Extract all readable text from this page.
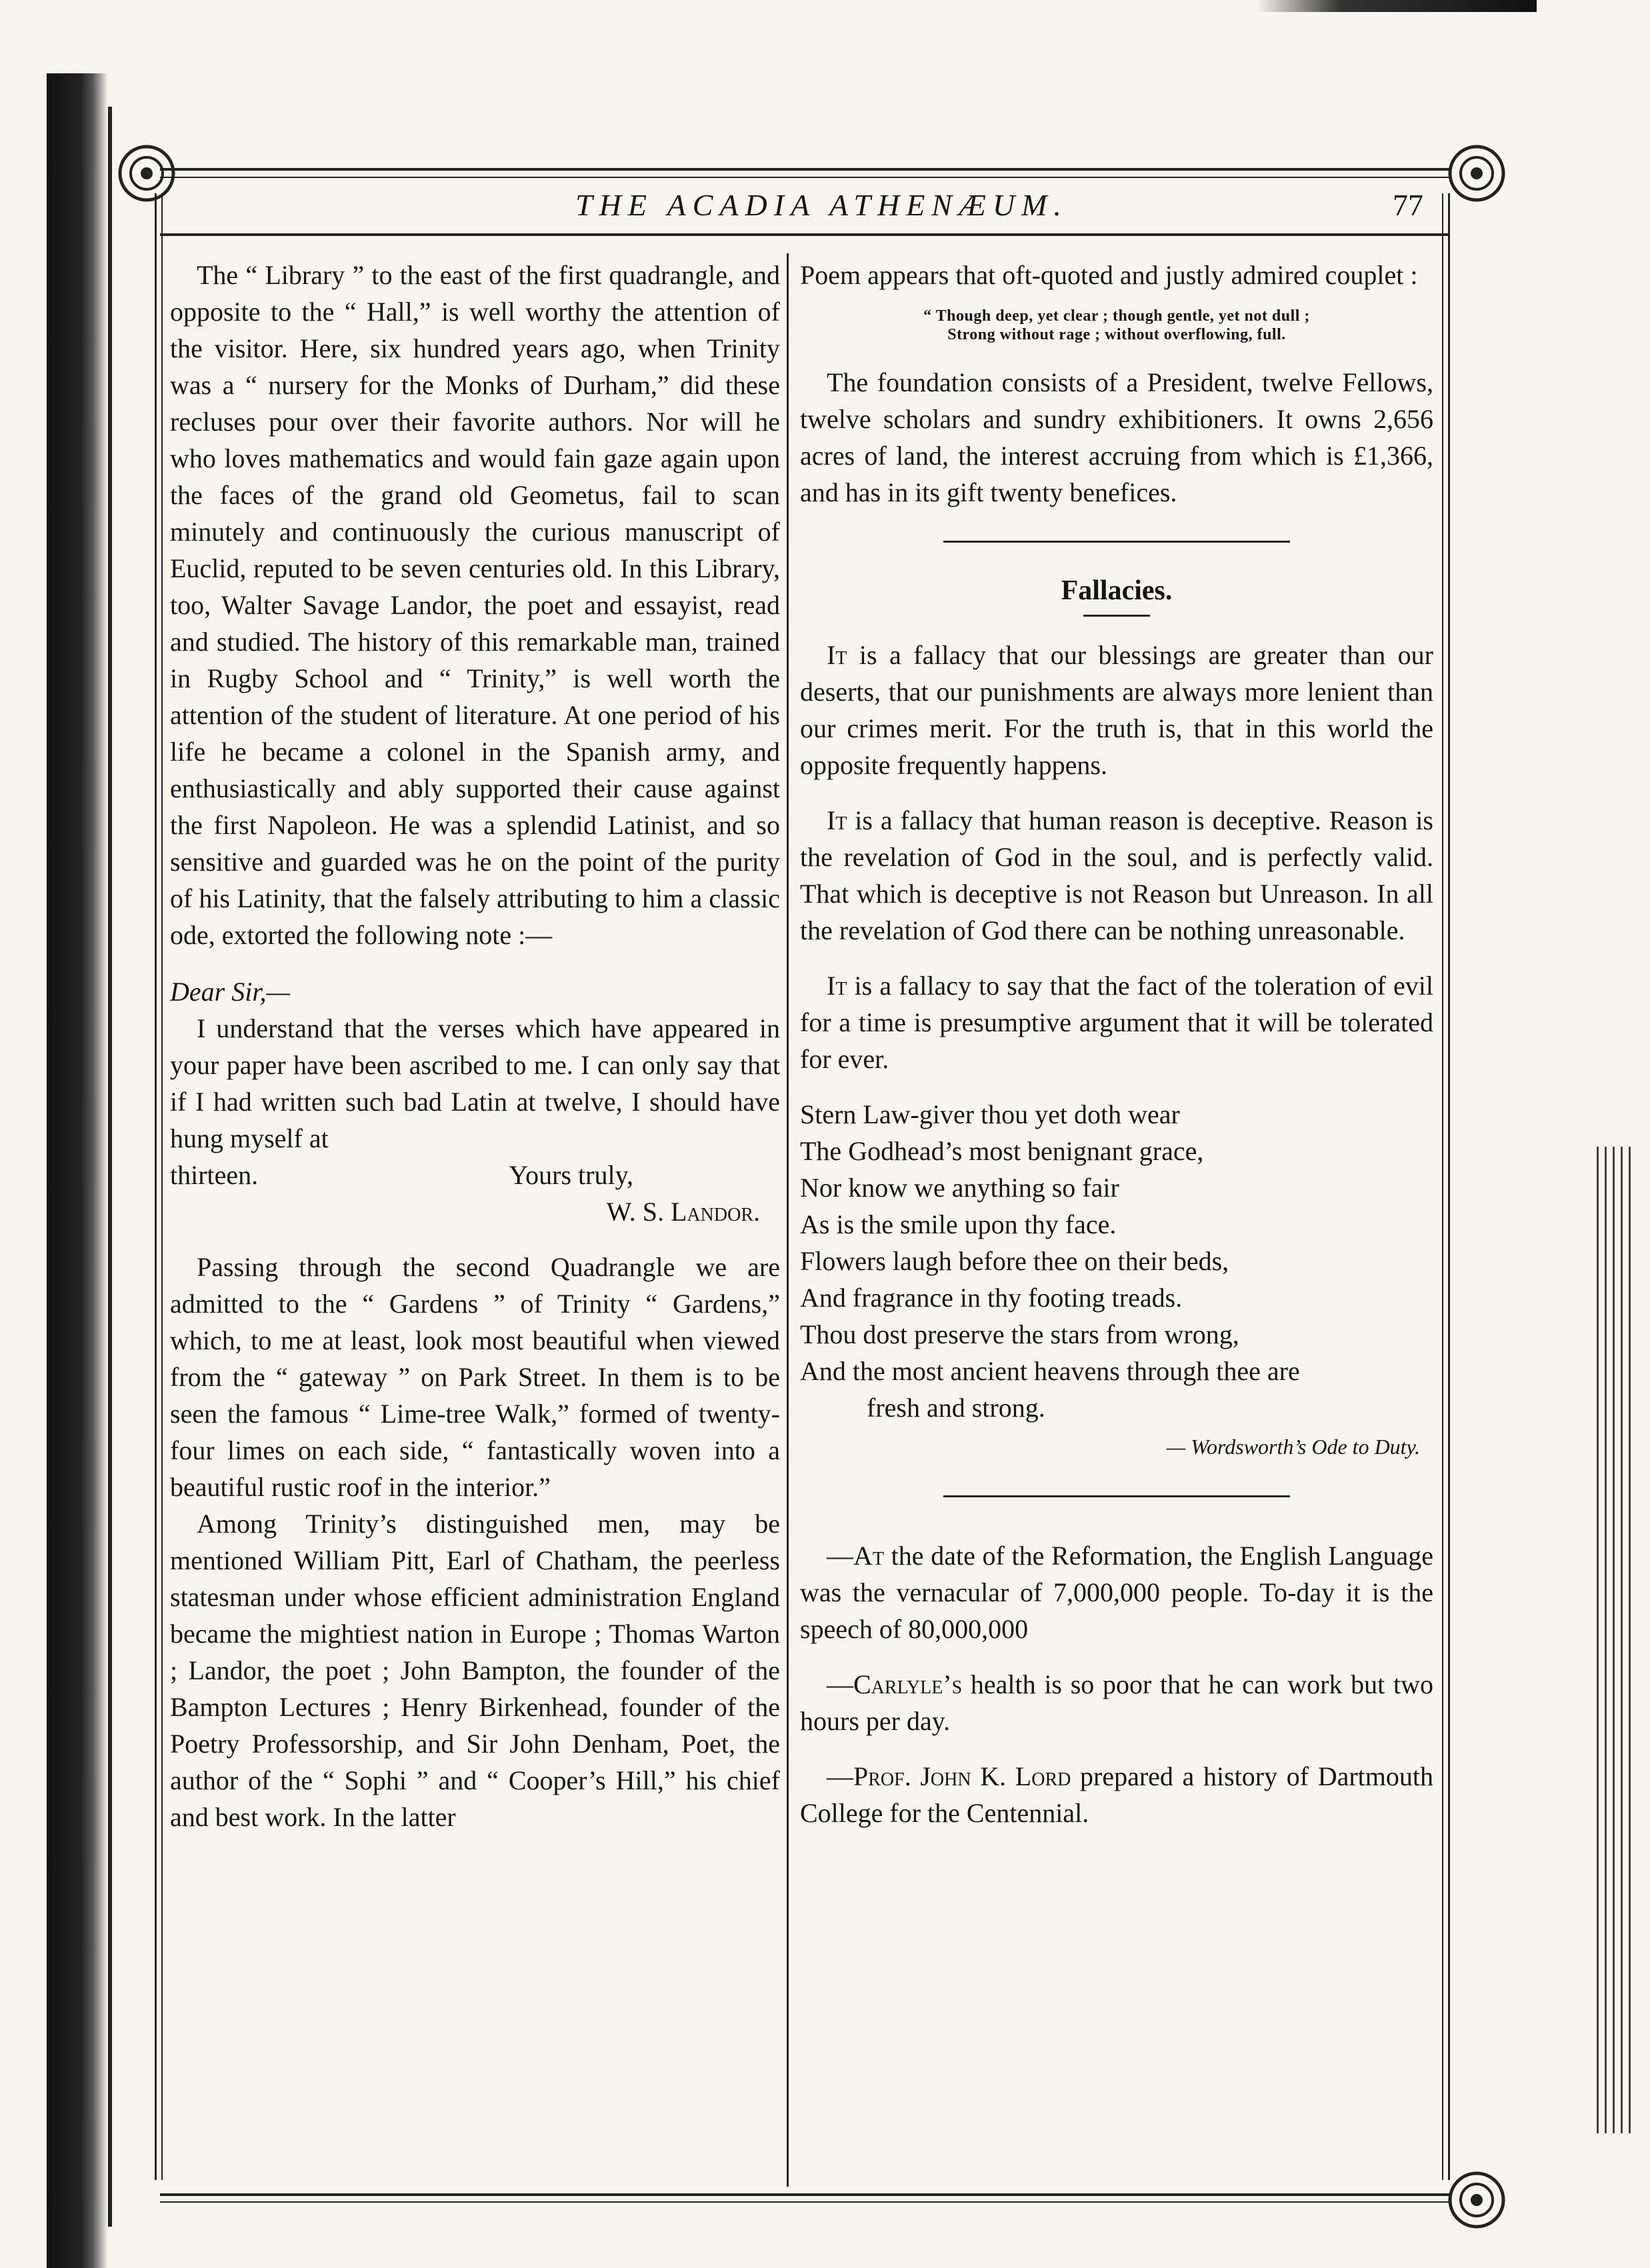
THE ACADIA ATHENÆUM.	77

The “ Library ” to the east of the first quadrangle, and opposite to the “ Hall,” is well worthy the attention of the visitor. Here, six hundred years ago, when Trinity was a “ nursery for the Monks of Durham,” did these recluses pour over their favorite authors. Nor will he who loves mathematics and would fain gaze again upon the faces of the grand old Geometus, fail to scan minutely and continuously the curious manuscript of Euclid, reputed to be seven centuries old. In this Library, too, Walter Savage Landor, the poet and essayist, read and studied. The history of this remarkable man, trained in Rugby School and “ Trinity,” is well worth the attention of the student of literature. At one period of his life he became a colonel in the Spanish army, and enthusiastically and ably supported their cause against the first Napoleon. He was a splendid Latinist, and so sensitive and guarded was he on the point of the purity of his Latinity, that the falsely attributing to him a classic ode, extorted the following note :—

Dear Sir,—

I understand that the verses which have appeared in your paper have been ascribed to me. I can only say that if I had written such bad Latin at twelve, I should have hung myself at

thirteen.	Yours truly,

W. S. Landor.

Passing through the second Quadrangle we are admitted to the “ Gardens ” of Trinity “ Gardens,” which, to me at least, look most beautiful when viewed from the “ gateway ” on Park Street. In them is to be seen the famous “ Lime-tree Walk,” formed of twenty-four limes on each side, “ fantastically woven into a beautiful rustic roof in the interior.”

Among Trinity’s distinguished men, may be mentioned William Pitt, Earl of Chatham, the peerless statesman under whose efficient administration England became the mightiest nation in Europe ; Thomas Warton ; Landor, the poet ; John Bampton, the founder of the Bampton Lectures ; Henry Birkenhead, founder of the Poetry Professorship, and Sir John Denham, Poet, the author of the “ Sophi ” and “ Cooper’s Hill,” his chief and best work. In the latter

Poem appears that oft-quoted and justly admired couplet :

“ Though deep, yet clear ; though gentle, yet not dull ;
Strong without rage ; without overflowing, full.

The foundation consists of a President, twelve Fellows, twelve scholars and sundry exhibitioners. It owns 2,656 acres of land, the interest accruing from which is £1,366, and has in its gift twenty benefices.

Fallacies.

It is a fallacy that our blessings are greater than our deserts, that our punishments are always more lenient than our crimes merit. For the truth is, that in this world the opposite frequently happens.

It is a fallacy that human reason is deceptive. Reason is the revelation of God in the soul, and is perfectly valid. That which is deceptive is not Reason but Unreason. In all the revelation of God there can be nothing unreasonable.

It is a fallacy to say that the fact of the toleration of evil for a time is presumptive argument that it will be tolerated for ever.

Stern Law-giver thou yet doth wear

The Godhead’s most benignant grace,

Nor know we anything so fair

As is the smile upon thy face.

Flowers laugh before thee on their beds,

And fragrance in thy footing treads.

Thou dost preserve the stars from wrong,

And the most ancient heavens through thee are

fresh and strong.

— Wordsworth’s Ode to Duty.

—At the date of the Reformation, the English Language was the vernacular of 7,000,000 people. To-day it is the speech of 80,000,000

—Carlyle’s health is so poor that he can work but two hours per day.

—Prof. John K. Lord prepared a history of Dartmouth College for the Centennial.
